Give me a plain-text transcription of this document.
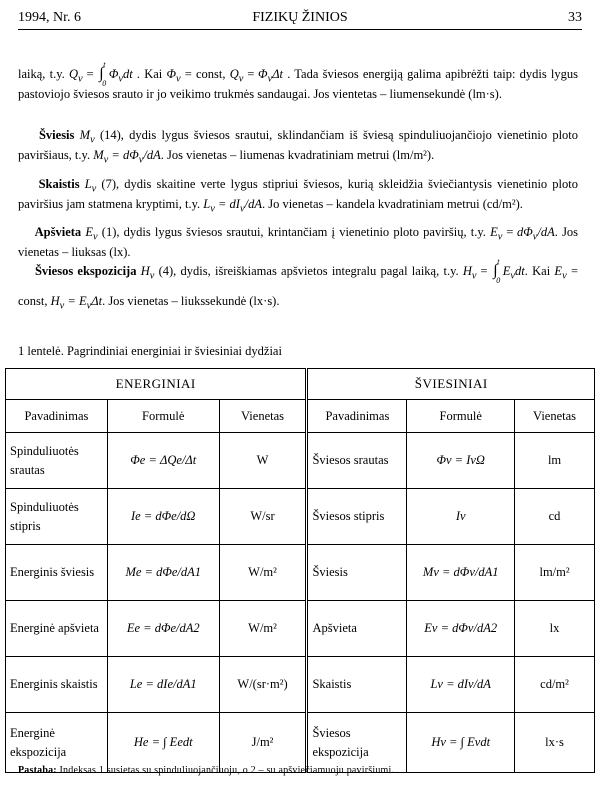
1994, Nr. 6	FIZIKŲ ŽINIOS	33

laiką, t.y. $Q_v$ = ∫
t
0
$\Phi_vdt$ . Kai $\Phi_v$ = const, $Q_v = \Phi_v\Delta t$ . Tada šviesos energiją galima apibrėžti taip: dydis lygus pastoviojo šviesos srauto ir jo veikimo trukmės sandaugai. Jos vientetas – liumensekundė (lm·s).

Šviesis $M_v$ (14), dydis lygus šviesos srautui, sklindančiam iš šviesą spinduliuojančiojo vienetinio ploto paviršiaus, t.y. $M_v = d\Phi_v/dA$. Jos vienetas – liumenas kvadratiniam metrui (lm/m²).

Skaistis $L_v$ (7), dydis skaitine verte lygus stipriui šviesos, kurią skleidžia šviečiantysis vienetinio ploto paviršius jam statmena kryptimi, t.y. $L_v = dI_v/dA$. Jo vienetas – kandela kvadratiniam metrui (cd/m²).

Apšvieta $E_v$ (1), dydis lygus šviesos srautui, krintančiam į vienetinio ploto paviršių, t.y. $E_v = d\Phi_v/dA$. Jos vienetas – liuksas (lx).

Šviesos ekspozicija $H_v$ (4), dydis, išreiškiamas apšvietos integralu pagal laiką, t.y. $H_v$ = ∫
t
0
$E_vdt$. Kai $E_v$ = const, $H_v = E_v\Delta t$. Jos vienetas – liukssekundė (lx·s).

1 lentelė. Pagrindiniai energiniai ir šviesiniai dydžiai
ENERGINIAI			ŠVIESINIAI		
Pavadinimas	Formulė	Vienetas	Pavadinimas	Formulė	Vienetas
Spinduliuotės srautas	Φe = ΔQe/Δt	W	Šviesos srautas	Φv = IvΩ	lm
Spinduliuotės stipris	Ie = dΦe/dΩ	W/sr	Šviesos stipris	Iv	cd
Energinis šviesis	Me = dΦe/dA1	W/m²	Šviesis	Mv = dΦv/dA1	lm/m²
Energinė apšvieta	Ee = dΦe/dA2	W/m²	Apšvieta	Ev = dΦv/dA2	lx
Energinis skaistis	Le = dIe/dA1	W/(sr·m²)	Skaistis	Lv = dIv/dA	cd/m²
Energinė ekspozicija	He = ∫ Eedt	J/m²	Šviesos ekspozicija	Hv = ∫ Evdt	lx·s
Pastaba: Indeksas 1 susietas su spinduliuojančiuoju, o 2 – su apšviečiamuoju paviršiumi.
